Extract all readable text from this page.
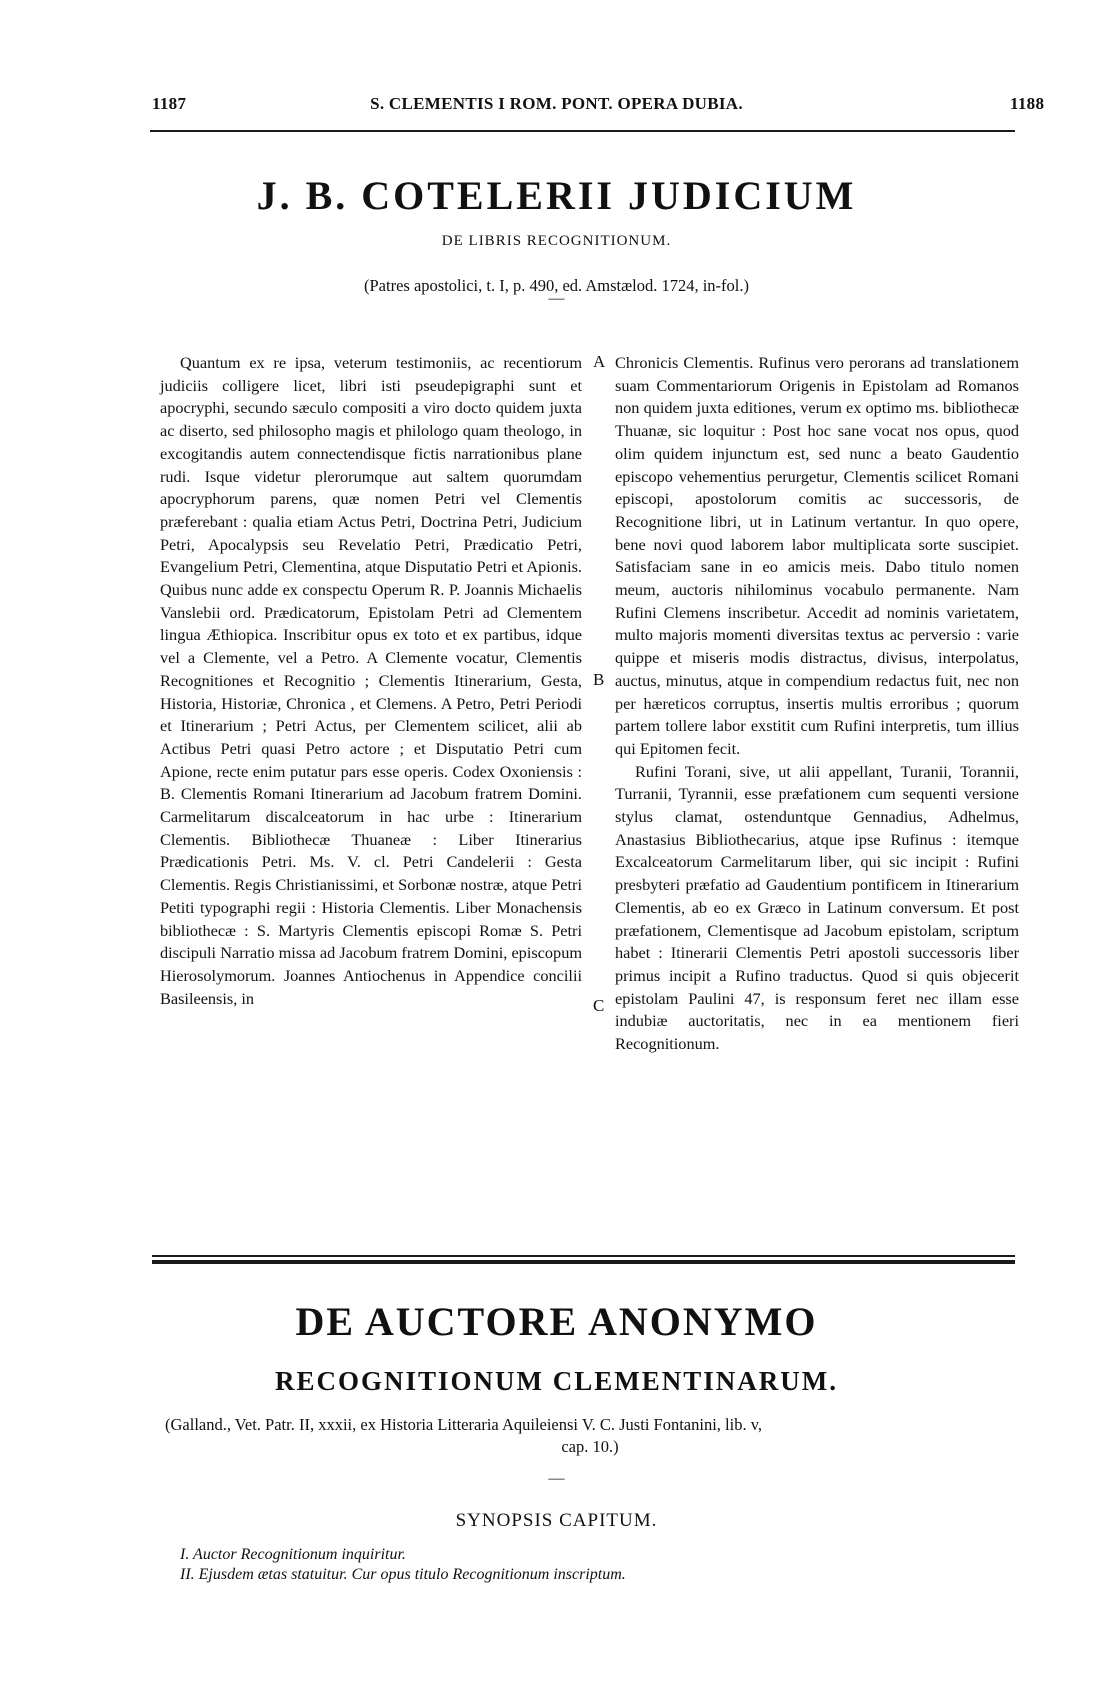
1187	S. CLEMENTIS I ROM. PONT. OPERA DUBIA.	1188
J. B. COTELERII JUDICIUM
DE LIBRIS RECOGNITIONUM.
(Patres apostolici, t. I, p. 490, ed. Amstælod. 1724, in-fol.)
—

Quantum ex re ipsa, veterum testimoniis, ac recentiorum judiciis colligere licet, libri isti pseudepigraphi sunt et apocryphi, secundo sæculo compositi a viro docto quidem juxta ac diserto, sed philosopho magis et philologo quam theologo, in excogitandis autem connectendisque fictis narrationibus plane rudi. Isque videtur plerorumque aut saltem quorumdam apocryphorum parens, quæ nomen Petri vel Clementis præferebant : qualia etiam Actus Petri, Doctrina Petri, Judicium Petri, Apocalypsis seu Revelatio Petri, Prædicatio Petri, Evangelium Petri, Clementina, atque Disputatio Petri et Apionis. Quibus nunc adde ex conspectu Operum R. P. Joannis Michaelis Vanslebii ord. Prædicatorum, Epistolam Petri ad Clementem lingua Æthiopica. Inscribitur opus ex toto et ex partibus, idque vel a Clemente, vel a Petro. A Clemente vocatur, Clementis Recognitiones et Recognitio ; Clementis Itinerarium, Gesta, Historia, Historiæ, Chronica , et Clemens. A Petro, Petri Periodi et Itinerarium ; Petri Actus, per Clementem scilicet, alii ab Actibus Petri quasi Petro actore ; et Disputatio Petri cum Apione, recte enim putatur pars esse operis. Codex Oxoniensis : B. Clementis Romani Itinerarium ad Jacobum fratrem Domini. Carmelitarum discalceatorum in hac urbe : Itinerarium Clementis. Bibliothecæ Thuaneæ : Liber Itinerarius Prædicationis Petri. Ms. V. cl. Petri Candelerii : Gesta Clementis. Regis Christianissimi, et Sorbonæ nostræ, atque Petri Petiti typographi regii : Historia Clementis. Liber Monachensis bibliothecæ : S. Martyris Clementis episcopi Romæ S. Petri discipuli Narratio missa ad Jacobum fratrem Domini, episcopum Hierosolymorum. Joannes Antiochenus in Appendice concilii Basileensis, in

A
B
C

Chronicis Clementis. Rufinus vero perorans ad translationem suam Commentariorum Origenis in Epistolam ad Romanos non quidem juxta editiones, verum ex optimo ms. bibliothecæ Thuanæ, sic loquitur : Post hoc sane vocat nos opus, quod olim quidem injunctum est, sed nunc a beato Gaudentio episcopo vehementius perurgetur, Clementis scilicet Romani episcopi, apostolorum comitis ac successoris, de Recognitione libri, ut in Latinum vertantur. In quo opere, bene novi quod laborem labor multiplicata sorte suscipiet. Satisfaciam sane in eo amicis meis. Dabo titulo nomen meum, auctoris nihilominus vocabulo permanente. Nam Rufini Clemens inscribetur. Accedit ad nominis varietatem, multo majoris momenti diversitas textus ac perversio : varie quippe et miseris modis distractus, divisus, interpolatus, auctus, minutus, atque in compendium redactus fuit, nec non per hæreticos corruptus, insertis multis erroribus ; quorum partem tollere labor exstitit cum Rufini interpretis, tum illius qui Epitomen fecit.

Rufini Torani, sive, ut alii appellant, Turanii, Torannii, Turranii, Tyrannii, esse præfationem cum sequenti versione stylus clamat, ostenduntque Gennadius, Adhelmus, Anastasius Bibliothecarius, atque ipse Rufinus : itemque Excalceatorum Carmelitarum liber, qui sic incipit : Rufini presbyteri præfatio ad Gaudentium pontificem in Itinerarium Clementis, ab eo ex Græco in Latinum conversum. Et post præfationem, Clementisque ad Jacobum epistolam, scriptum habet : Itinerarii Clementis Petri apostoli successoris liber primus incipit a Rufino traductus. Quod si quis objecerit epistolam Paulini 47, is responsum feret nec illam esse indubiæ auctoritatis, nec in ea mentionem fieri Recognitionum.

DE AUCTORE ANONYMO
RECOGNITIONUM CLEMENTINARUM.
(Galland., Vet. Patr. II, xxxii, ex Historia Litteraria Aquileiensi V. C. Justi Fontanini, lib. v,
cap. 10.)
—
SYNOPSIS CAPITUM.
I. Auctor Recognitionum inquiritur.
II. Ejusdem ætas statuitur. Cur opus titulo Recognitionum inscriptum.
